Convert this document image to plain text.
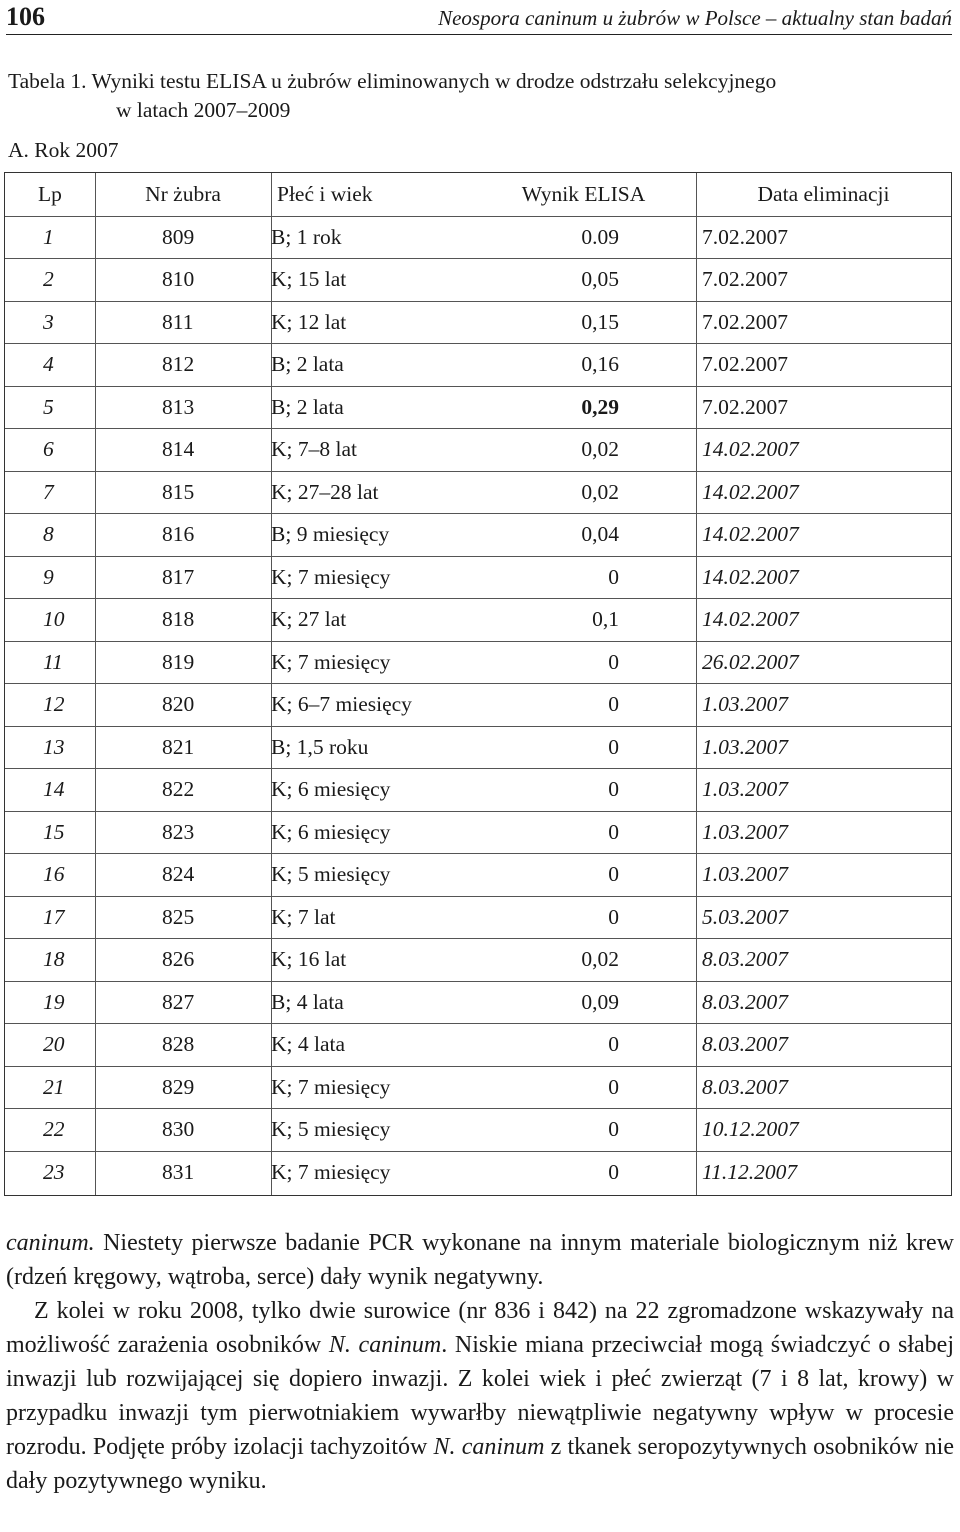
106	Neospora caninum u żubrów w Polsce – aktualny stan badań
Tabela 1. Wyniki testu ELISA u żubrów eliminowanych w drodze odstrzału selekcyjnego
w latach 2007–2009
A. Rok 2007
Lp	Nr żubra	Płeć i wiek	Wynik ELISA	Data eliminacji
1	809	B; 1 rok	0.09	7.02.2007
2	810	K; 15 lat	0,05	7.02.2007
3	811	K; 12 lat	0,15	7.02.2007
4	812	B; 2 lata	0,16	7.02.2007
5	813	B; 2 lata	0,29	7.02.2007
6	814	K; 7–8 lat	0,02	14.02.2007
7	815	K; 27–28 lat	0,02	14.02.2007
8	816	B; 9 miesięcy	0,04	14.02.2007
9	817	K; 7 miesięcy	0	14.02.2007
10	818	K; 27 lat	0,1	14.02.2007
11	819	K; 7 miesięcy	0	26.02.2007
12	820	K; 6–7 miesięcy	0	1.03.2007
13	821	B; 1,5 roku	0	1.03.2007
14	822	K; 6 miesięcy	0	1.03.2007
15	823	K; 6 miesięcy	0	1.03.2007
16	824	K; 5 miesięcy	0	1.03.2007
17	825	K; 7 lat	0	5.03.2007
18	826	K; 16 lat	0,02	8.03.2007
19	827	B; 4 lata	0,09	8.03.2007
20	828	K; 4 lata	0	8.03.2007
21	829	K; 7 miesięcy	0	8.03.2007
22	830	K; 5 miesięcy	0	10.12.2007
23	831	K; 7 miesięcy	0	11.12.2007

caninum. Niestety pierwsze badanie PCR wykonane na innym materiale biologicznym niż krew (rdzeń kręgowy, wątroba, serce) dały wynik negatywny.

Z kolei w roku 2008, tylko dwie surowice (nr 836 i 842) na 22 zgromadzone wskazywały na możliwość zarażenia osobników N. caninum. Niskie miana przeciwciał mogą świadczyć o słabej inwazji lub rozwijającej się dopiero inwazji. Z kolei wiek i płeć zwierząt (7 i 8 lat, krowy) w przypadku inwazji tym pierwotniakiem wywarłby niewątpliwie negatywny wpływ w procesie rozrodu. Podjęte próby izolacji tachyzoitów N. caninum z tkanek seropozytywnych osobników nie dały pozytywnego wyniku.
